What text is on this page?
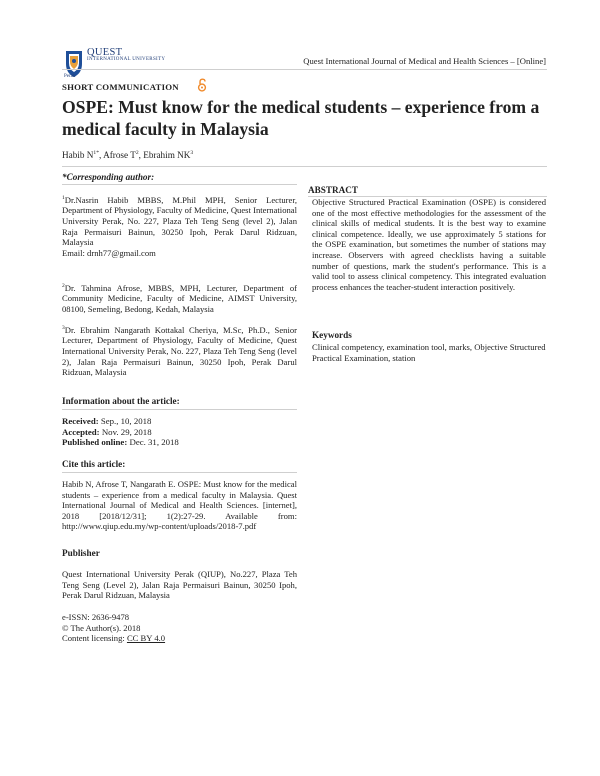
QUEST
INTERNATIONAL UNIVERSITY
Perak
Quest International Journal of Medical and Health Sciences – [Online]
SHORT COMMUNICATION
OSPE: Must know for the medical students – experience from a medical faculty in Malaysia
Habib $N^{1*}$, Afrose $T^2$, Ebrahim $NK^3$
*Corresponding author:
$^1$Dr.Nasrin Habib MBBS, M.Phil MPH, Senior Lecturer, Department of Physiology, Faculty of Medicine, Quest International University Perak, No. 227, Plaza Teh Teng Seng (level 2), Jalan Raja Permaisuri Bainun, 30250 Ipoh, Perak Darul Ridzuan, Malaysia
Email: drnh77@gmail.com
$^2$Dr. Tahmina Afrose, MBBS, MPH, Lecturer, Department of Community Medicine, Faculty of Medicine, AIMST University, 08100, Semeling, Bedong, Kedah, Malaysia
$^3$Dr. Ebrahim Nangarath Kottakal Cheriya, M.Sc, Ph.D., Senior Lecturer, Department of Physiology, Faculty of Medicine, Quest International University Perak, No. 227, Plaza Teh Teng Seng (level 2), Jalan Raja Permaisuri Bainun, 30250 Ipoh, Perak Darul Ridzuan, Malaysia
Information about the article:
Received: Sep., 10, 2018
Accepted: Nov. 29, 2018
Published online: Dec. 31, 2018
Cite this article:
Habib N, Afrose T, Nangarath E. OSPE: Must know for the medical students – experience from a medical faculty in Malaysia. Quest International Journal of Medical and Health Sciences. [internet], 2018 [2018/12/31]; 1(2):27-29. Available from: http://www.qiup.edu.my/wp-content/uploads/2018-7.pdf
Publisher
Quest International University Perak (QIUP), No.227, Plaza Teh Teng Seng (Level 2), Jalan Raja Permaisuri Bainun, 30250 Ipoh, Perak Darul Ridzuan, Malaysia
e-ISSN: 2636-9478
© The Author(s). 2018
Content licensing: CC BY 4.0
ABSTRACT
Objective Structured Practical Examination (OSPE) is considered one of the most effective methodologies for the assessment of the clinical skills of medical students. It is the best way to examine clinical competence. Ideally, we use approximately 5 stations for the OSPE examination, but sometimes the number of stations may increase. Observers with agreed checklists having a suitable number of questions, mark the student's performance. This is a valid tool to assess clinical competency. This integrated evaluation process enhances the teacher-student interaction positively.
Keywords
Clinical competency, examination tool, marks, Objective Structured Practical Examination, station
